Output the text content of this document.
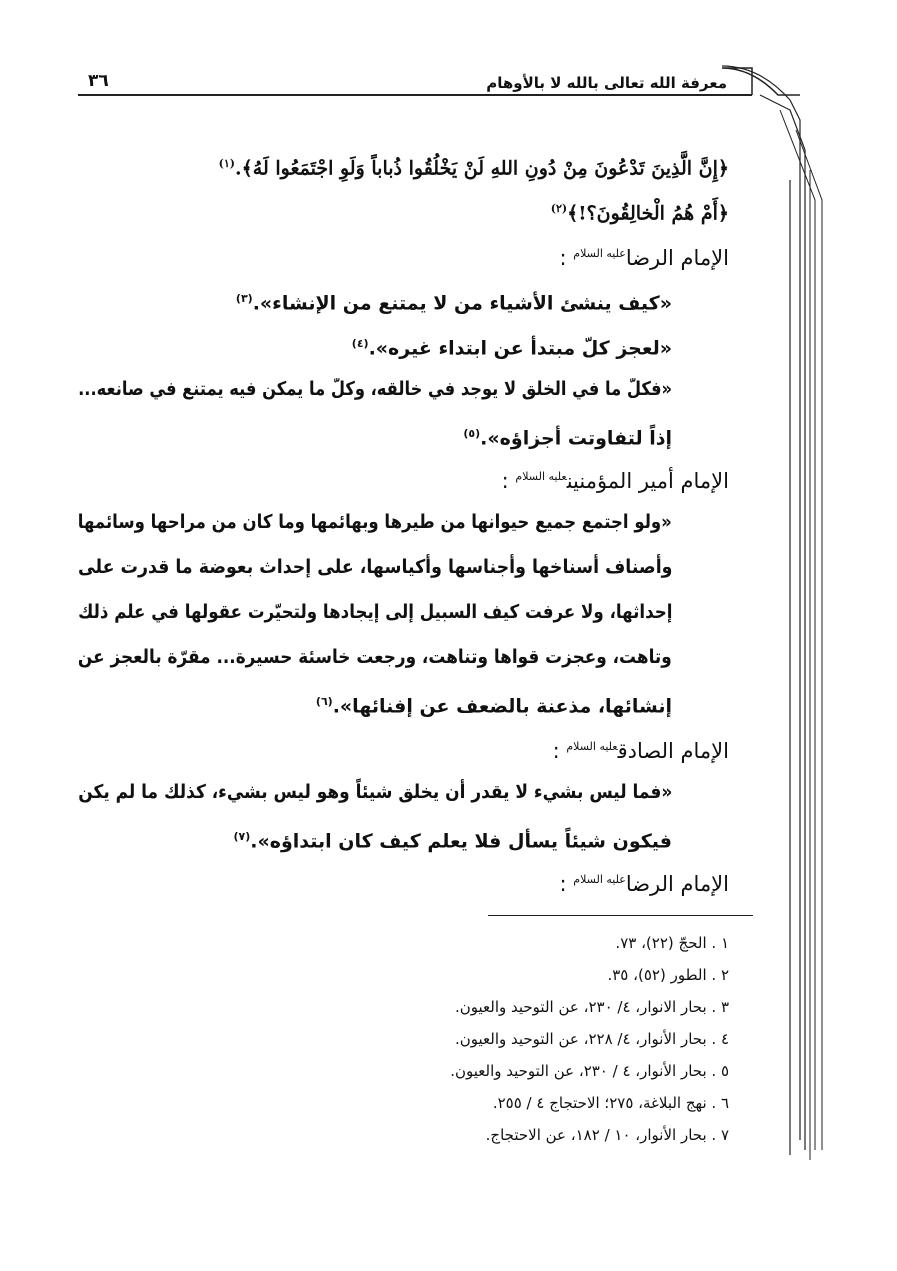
معرفة الله تعالى بالله لا بالأوهام
٣٦
﴿إِنَّ الَّذِينَ تَدْعُونَ مِنْ دُونِ اللهِ لَنْ يَخْلُقُوا ذُباباً وَلَوِ اجْتَمَعُوا لَهُ﴾.$^{(١)}$
﴿أَمْ هُمُ الْخالِقُونَ؟!﴾$^{(٢)}$
الإمام الرضا$^{عليه السلام}$ :
«كيف ينشئ الأشياء من لا يمتنع من الإنشاء».$^{(٣)}$
«لعجز كلّ مبتدأ عن ابتداء غيره».$^{(٤)}$
«فكلّ ما في الخلق لا يوجد في خالقه، وكلّ ما يمكن فيه يمتنع في صانعه...
إذاً لتفاوتت أجزاؤه».$^{(٥)}$
الإمام أمير المؤمنين$^{عليه السلام}$ :
«ولو اجتمع جميع حيوانها من طيرها وبهائمها وما كان من مراحها وسائمها
وأصناف أسناخها وأجناسها وأكياسها، على إحداث بعوضة ما قدرت على
إحداثها، ولا عرفت كيف السبيل إلى إيجادها ولتحيّرت عقولها في علم ذلك
وتاهت، وعجزت قواها وتناهت، ورجعت خاسئة حسيرة... مقرّة بالعجز عن
إنشائها، مذعنة بالضعف عن إفنائها».$^{(٦)}$
الإمام الصادق$^{عليه السلام}$ :
«فما ليس بشيء لا يقدر أن يخلق شيئاً وهو ليس بشيء، كذلك ما لم يكن
فيكون شيئاً يسأل فلا يعلم كيف كان ابتداؤه».$^{(٧)}$
الإمام الرضا$^{عليه السلام}$ :
١ . الحجّ (٢٢)، ٧٣.
٢ . الطور (٥٢)، ٣٥.
٣ . بحار الانوار، ٤/ ٢٣٠، عن التوحيد والعيون.
٤ . بحار الأنوار، ٤/ ٢٢٨، عن التوحيد والعيون.
٥ . بحار الأنوار، ٤ / ٢٣٠، عن التوحيد والعيون.
٦ . نهج البلاغة، ٢٧٥؛ الاحتجاج ٤ / ٢٥٥.
٧ . بحار الأنوار، ١٠ / ١٨٢، عن الاحتجاج.
